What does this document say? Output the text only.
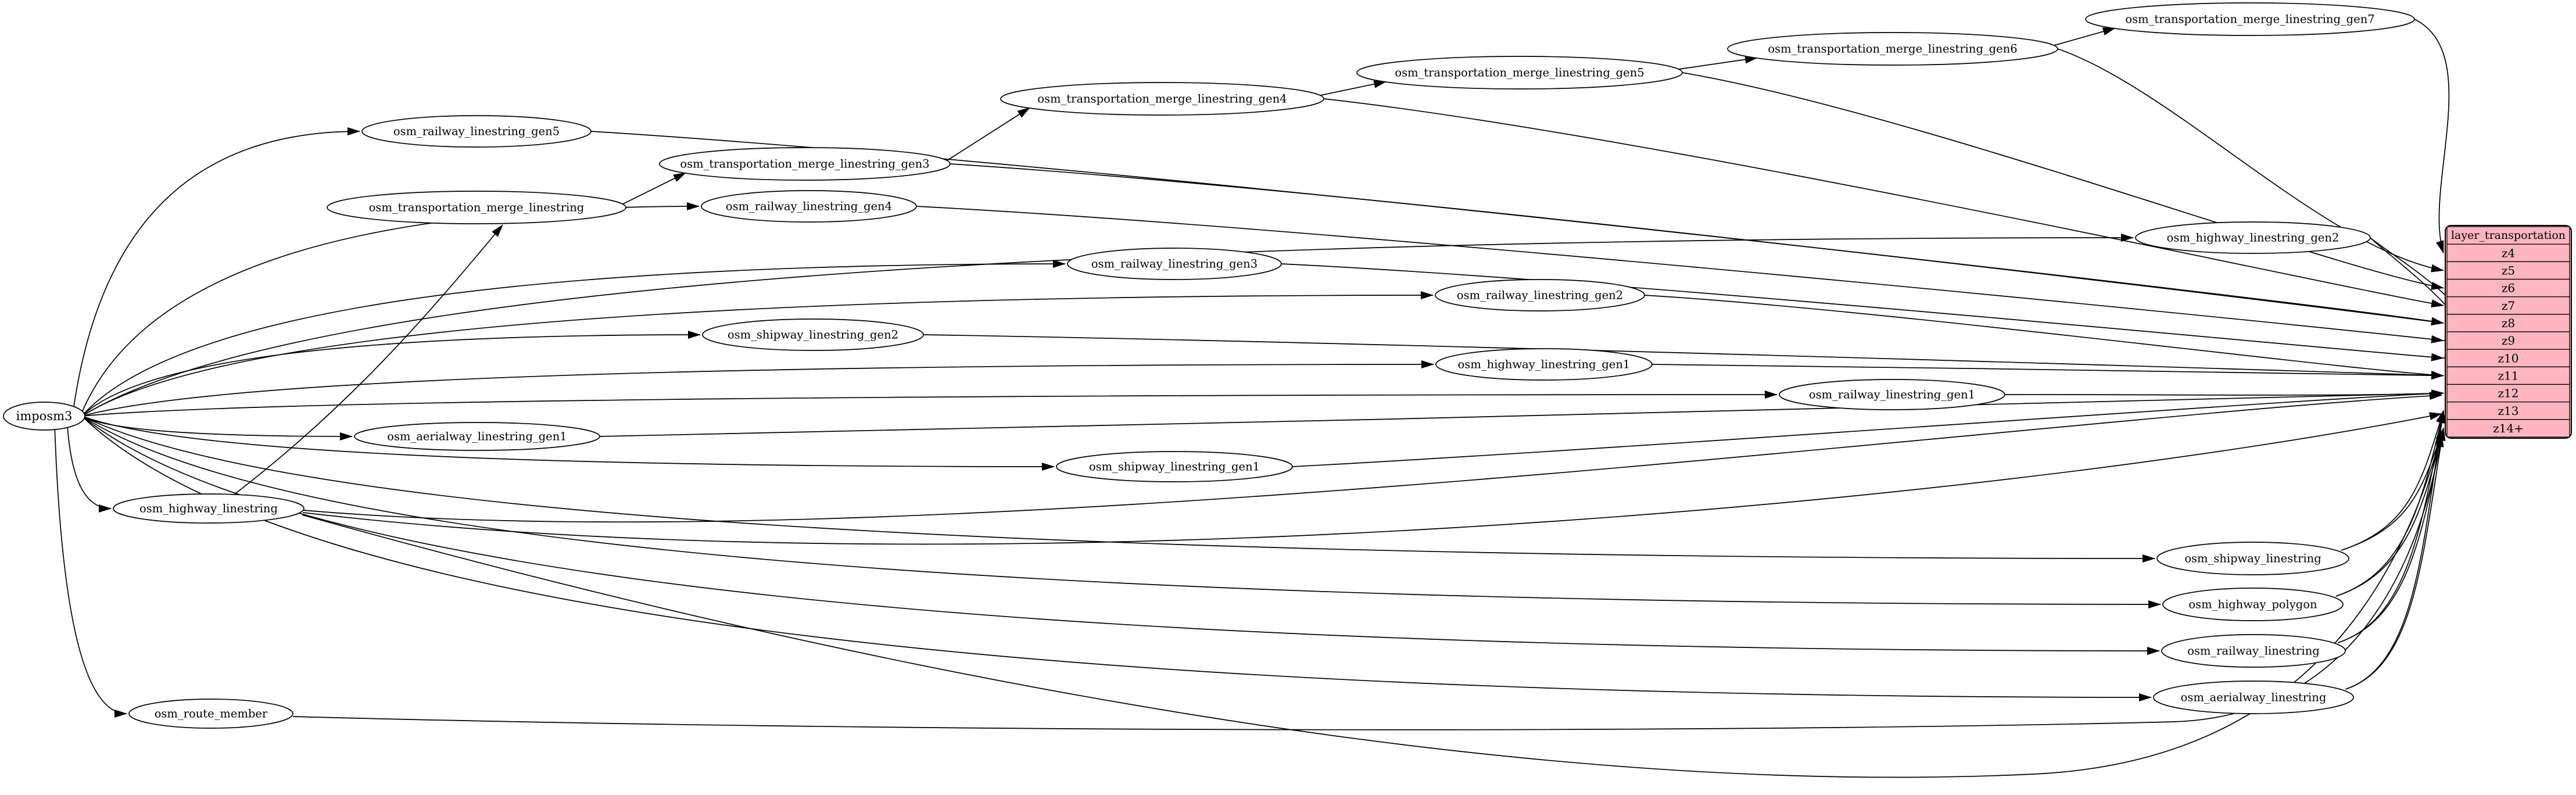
imposm3
osm_railway_linestring_gen5
osm_transportation_merge_linestring
osm_transportation_merge_linestring_gen3
osm_railway_linestring_gen4
osm_shipway_linestring_gen2
osm_transportation_merge_linestring_gen4
osm_railway_linestring_gen3
osm_shipway_linestring_gen1
osm_transportation_merge_linestring_gen5
osm_railway_linestring_gen2
osm_highway_linestring_gen1
osm_transportation_merge_linestring_gen6
osm_railway_linestring_gen1
osm_transportation_merge_linestring_gen7
osm_highway_linestring_gen2
osm_shipway_linestring
osm_highway_polygon
osm_railway_linestring
osm_aerialway_linestring
osm_aerialway_linestring_gen1
osm_highway_linestring
osm_route_member
layer_transportation
z4
z5
z6
z7
z8
z9
z10
z11
z12
z13
z14+
